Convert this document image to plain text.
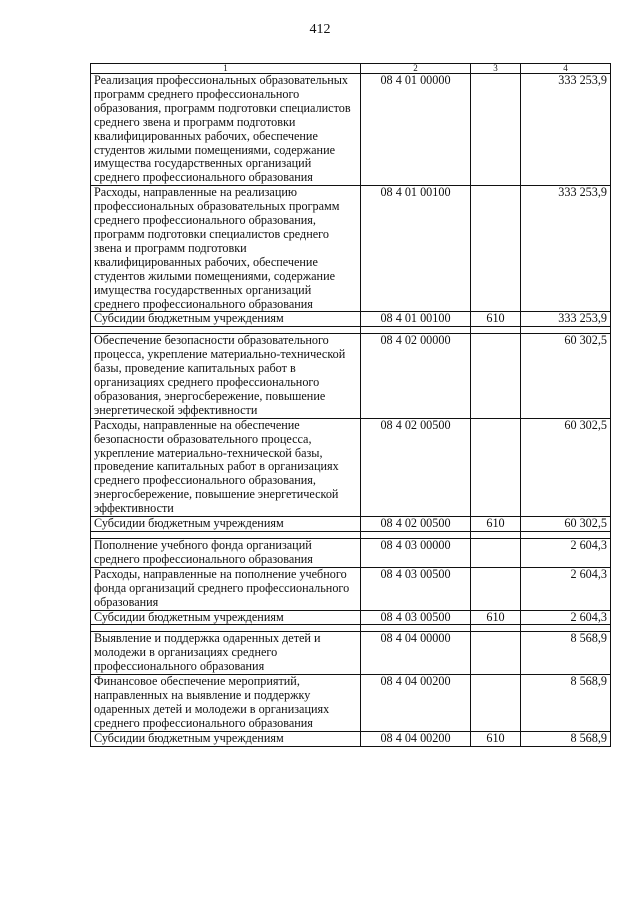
412
1	2	3	4
Реализация профессиональных образовательных программ среднего профессионального образования, программ подготовки специалистов среднего звена и программ подготовки квалифицированных рабочих, обеспечение студентов жилыми помещениями, содержание имущества государственных организаций среднего профессионального образования	08 4 01 00000		333 253,9
Расходы, направленные на реализацию профессиональных образовательных программ среднего профессионального образования, программ подготовки специалистов среднего звена и программ подготовки квалифицированных рабочих, обеспечение студентов жилыми помещениями, содержание имущества государственных организаций среднего профессионального образования	08 4 01 00100		333 253,9
Субсидии бюджетным учреждениям	08 4 01 00100	610	333 253,9

Обеспечение безопасности образовательного процесса, укрепление материально-технической базы, проведение капитальных работ в организациях среднего профессионального образования, энергосбережение, повышение энергетической эффективности	08 4 02 00000		60 302,5
Расходы, направленные на обеспечение безопасности образовательного процесса, укрепление материально-технической базы, проведение капитальных работ в организациях среднего профессионального образования, энергосбережение, повышение энергетической эффективности	08 4 02 00500		60 302,5
Субсидии бюджетным учреждениям	08 4 02 00500	610	60 302,5

Пополнение учебного фонда организаций среднего профессионального образования	08 4 03 00000		2 604,3
Расходы, направленные на пополнение учебного фонда организаций среднего профессионального образования	08 4 03 00500		2 604,3
Субсидии бюджетным учреждениям	08 4 03 00500	610	2 604,3

Выявление и поддержка одаренных детей и молодежи в организациях среднего профессионального образования	08 4 04 00000		8 568,9
Финансовое обеспечение мероприятий, направленных на выявление и поддержку одаренных детей и молодежи в организациях среднего профессионального образования	08 4 04 00200		8 568,9
Субсидии бюджетным учреждениям	08 4 04 00200	610	8 568,9
